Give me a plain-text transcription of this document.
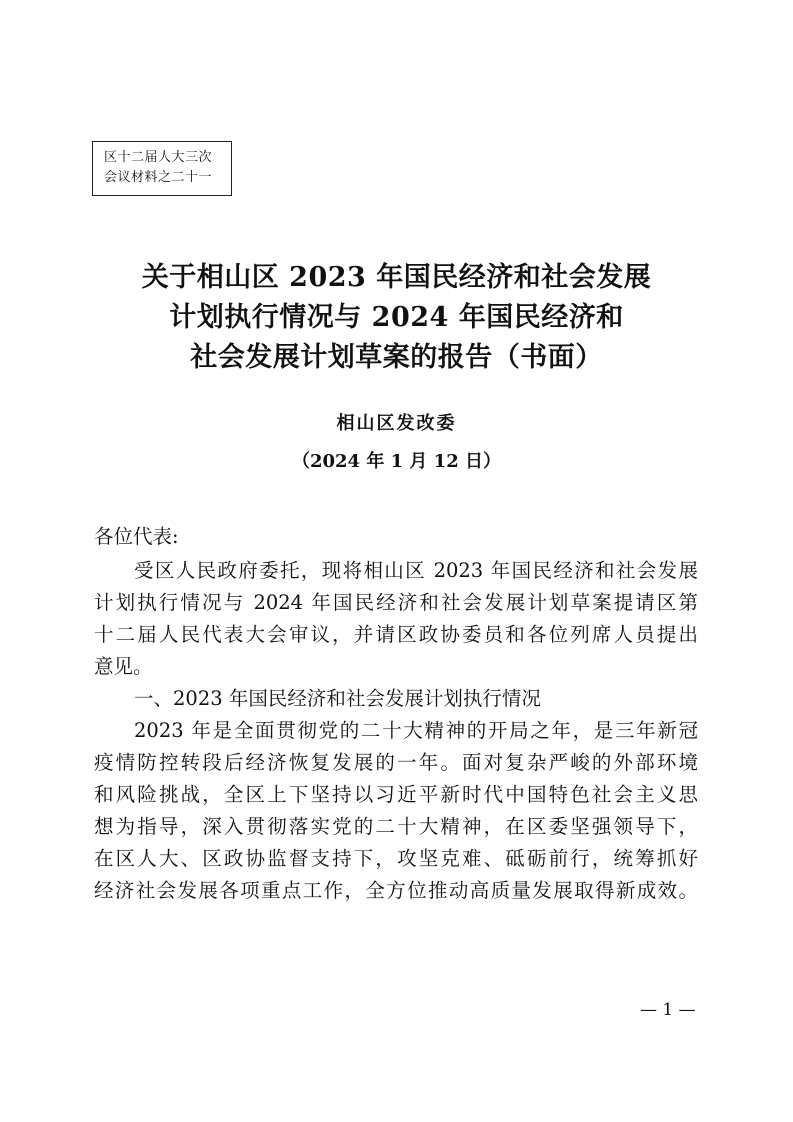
区十二届人大三次
会议材料之二十一
关于相山区 2023 年国民经济和社会发展
计划执行情况与 2024 年国民经济和
社会发展计划草案的报告（书面）
相山区发改委
（2024 年 1 月 12 日）
各位代表:
受区人民政府委托，现将相山区 2023 年国民经济和社会发展
计划执行情况与 2024 年国民经济和社会发展计划草案提请区第
十二届人民代表大会审议，并请区政协委员和各位列席人员提出
意见。
一、2023 年国民经济和社会发展计划执行情况
2023 年是全面贯彻党的二十大精神的开局之年，是三年新冠
疫情防控转段后经济恢复发展的一年。面对复杂严峻的外部环境
和风险挑战，全区上下坚持以习近平新时代中国特色社会主义思
想为指导，深入贯彻落实党的二十大精神，在区委坚强领导下，
在区人大、区政协监督支持下，攻坚克难、砥砺前行，统筹抓好
经济社会发展各项重点工作，全方位推动高质量发展取得新成效。
— 1 —
